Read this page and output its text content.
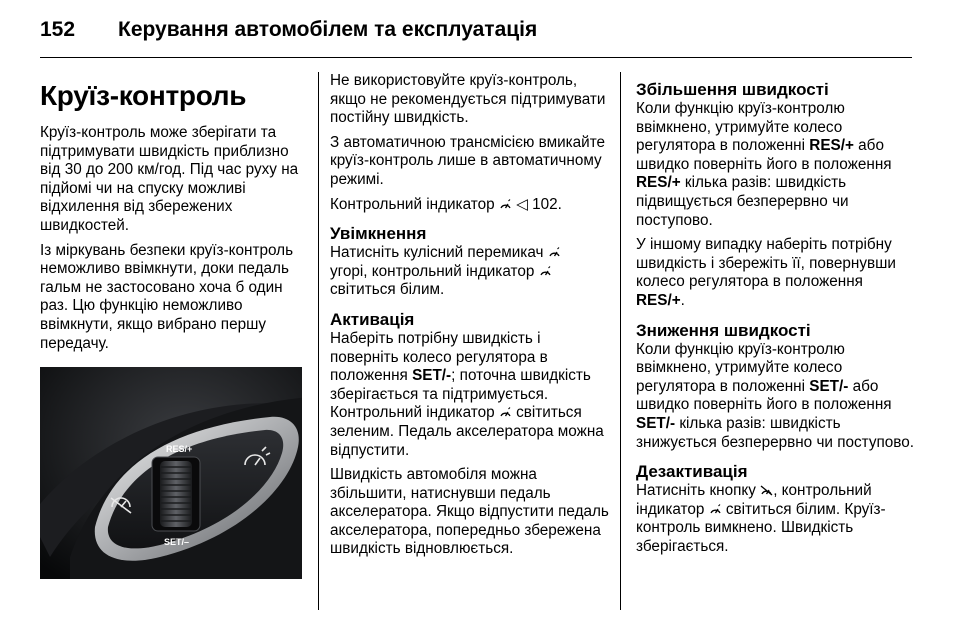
152 Керування автомобілем та експлуатація
Круїз-контроль

Круїз-контроль може зберігати та підтримувати швидкість приблизно від 30 до 200 км/год. Під час руху на підйомі чи на спуску можливі відхилення від збережених швидкостей.

Із міркувань безпеки круїз-контроль неможливо ввімкнути, доки педаль гальм не застосовано хоча б один раз. Цю функцію неможливо ввімкнути, якщо вибрано першу передачу.

RES/+
SET/–

Не використовуйте круїз-контроль, якщо не рекомендується підтримувати постійну швидкість.

З автоматичною трансмісією вмикайте круїз-контроль лише в автоматичному режимі.

Контрольний індикатор ◁ 102.

Увімкнення

Натисніть кулісний перемикач
угорі, контрольний індикатор
світиться білим.

Активація

Наберіть потрібну швидкість і поверніть колесо регулятора в положення SET/-; поточна швидкість зберігається та підтримується. Контрольний індикатор світиться зеленим. Педаль акселератора можна відпустити.

Швидкість автомобіля можна збільшити, натиснувши педаль акселератора. Якщо відпустити педаль акселератора, попередньо збережена швидкість відновлюється.

Збільшення швидкості

Коли функцію круїз-контролю ввімкнено, утримуйте колесо регулятора в положенні RES/+ або швидко поверніть його в положення RES/+ кілька разів: швидкість підвищується безперервно чи поступово.

У іншому випадку наберіть потрібну швидкість і збережіть її, повернувши колесо регулятора в положення RES/+.

Зниження швидкості

Коли функцію круїз-контролю ввімкнено, утримуйте колесо регулятора в положенні SET/- або швидко поверніть його в положення SET/- кілька разів: швидкість знижується безперервно чи поступово.

Дезактивація

Натисніть кнопку , контрольний індикатор світиться білим. Круїз-контроль вимкнено. Швидкість зберігається.
